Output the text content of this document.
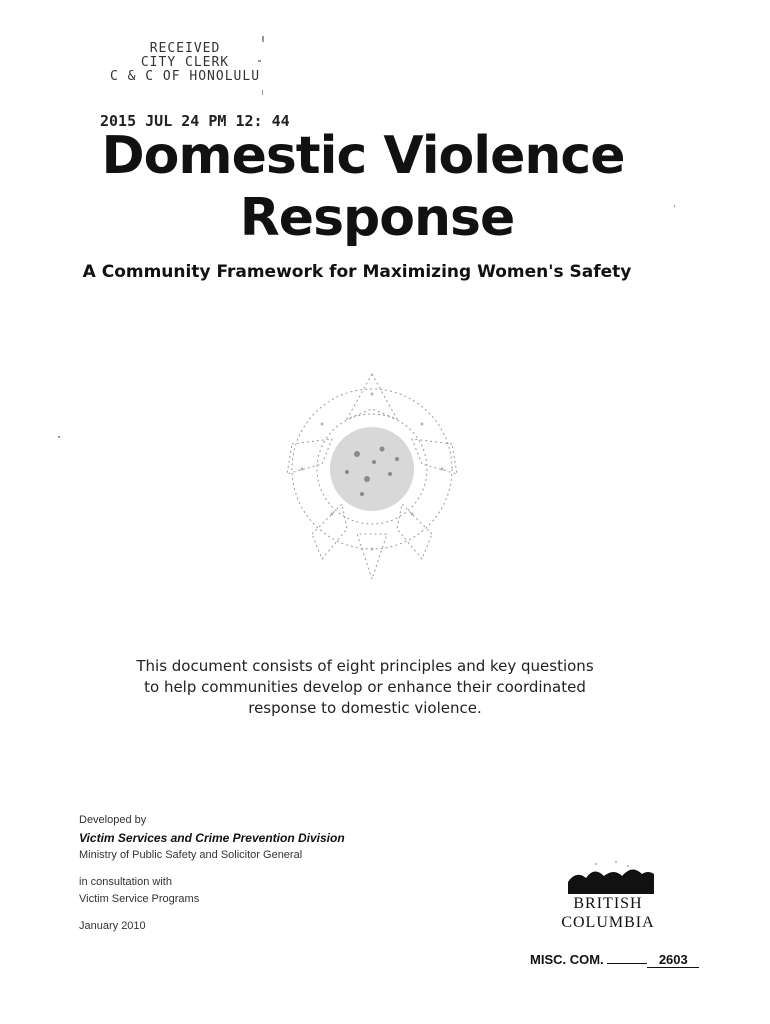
RECEIVED
CITY CLERK
C & C OF HONOLULU
2015 JUL 24 PM 12: 44
Domestic Violence
Response
A Community Framework for Maximizing Women's Safety
This document consists of eight principles and key questions
to help communities develop or enhance their coordinated
response to domestic violence.
Developed by
Victim Services and Crime Prevention Division
Ministry of Public Safety and Solicitor General
in consultation with
Victim Service Programs
January 2010
BRITISH
COLUMBIA
MISC. COM.	2603
